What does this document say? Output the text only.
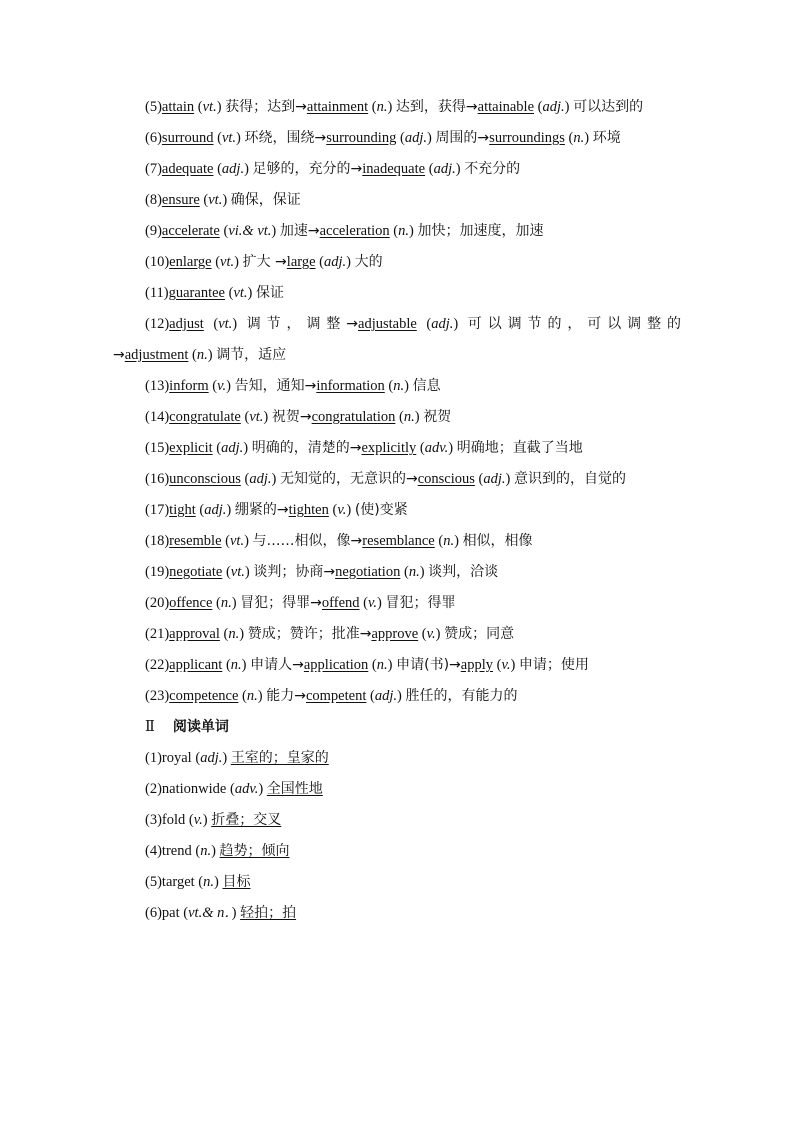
(5)attain (vt.) 获得；达到→attainment (n.) 达到，获得→attainable (adj.) 可以达到的

(6)surround (vt.) 环绕，围绕→surrounding (adj.) 周围的→surroundings (n.) 环境

(7)adequate (adj.) 足够的，充分的→inadequate (adj.) 不充分的

(8)ensure (vt.) 确保，保证

(9)accelerate (vi.& vt.) 加速→acceleration (n.) 加快；加速度，加速

(10)enlarge (vt.) 扩大 →large (adj.) 大的

(11)guarantee (vt.) 保证

(12)adjust (vt.) 调节，调整→adjustable (adj.) 可以调节的，可以调整的→adjustment (n.) 调节，适应

(13)inform (v.) 告知，通知→information (n.) 信息

(14)congratulate (vt.) 祝贺→congratulation (n.) 祝贺

(15)explicit (adj.) 明确的，清楚的→explicitly (adv.) 明确地；直截了当地

(16)unconscious (adj.) 无知觉的，无意识的→conscious (adj.) 意识到的，自觉的

(17)tight (adj.) 绷紧的→tighten (v.) (使)变紧

(18)resemble (vt.) 与……相似，像→resemblance (n.) 相似，相像

(19)negotiate (vt.) 谈判；协商→negotiation (n.) 谈判，洽谈

(20)offence (n.) 冒犯；得罪→offend (v.) 冒犯；得罪

(21)approval (n.) 赞成；赞许；批准→approve (v.) 赞成；同意

(22)applicant (n.) 申请人→application (n.) 申请(书)→apply (v.) 申请；使用

(23)competence (n.) 能力→competent (adj.) 胜任的，有能力的

Ⅱ 阅读单词

(1)royal (adj.) 王室的；皇家的

(2)nationwide (adv.) 全国性地

(3)fold (v.) 折叠；交叉

(4)trend (n.) 趋势；倾向

(5)target (n.) 目标

(6)pat (vt.& n．) 轻拍；拍
